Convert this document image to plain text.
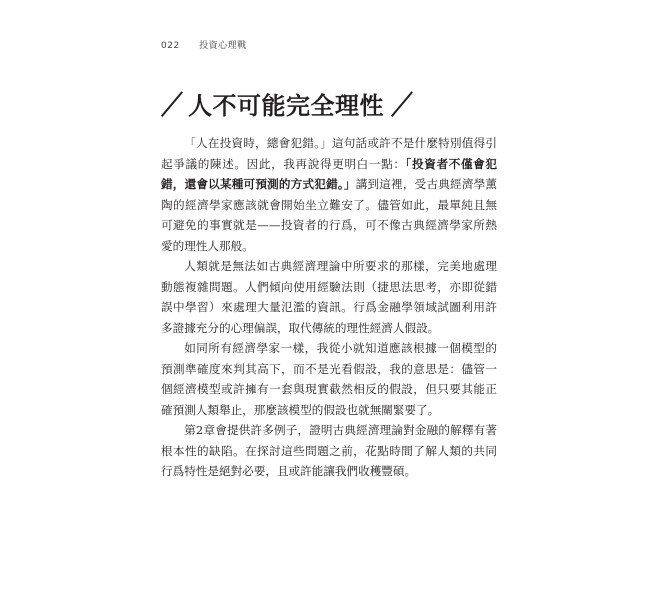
022 投資心理戰
人不可能完全理性

「人在投資時，總會犯錯。」這句話或許不是什麼特別值得引起爭議的陳述。因此，我再說得更明白一點：「投資者不僅會犯錯，還會以某種可預測的方式犯錯。」講到這裡，受古典經濟學薰陶的經濟學家應該就會開始坐立難安了。儘管如此，最單純且無可避免的事實就是——投資者的行爲，可不像古典經濟學家所熱愛的理性人那般。

人類就是無法如古典經濟理論中所要求的那樣，完美地處理動態複雜問題。人們傾向使用經驗法則（捷思法思考，亦即從錯誤中學習）來處理大量氾濫的資訊。行爲金融學領域試圖利用許多證據充分的心理偏誤，取代傳統的理性經濟人假設。

如同所有經濟學家一樣，我從小就知道應該根據一個模型的預測準確度來判其高下，而不是光看假設，我的意思是：儘管一個經濟模型或許擁有一套與現實截然相反的假設，但只要其能正確預測人類舉止，那麼該模型的假設也就無關緊要了。

第2章會提供許多例子，證明古典經濟理論對金融的解釋有著根本性的缺陷。在探討這些問題之前，花點時間了解人類的共同行爲特性是絕對必要，且或許能讓我們收穫豐碩。
